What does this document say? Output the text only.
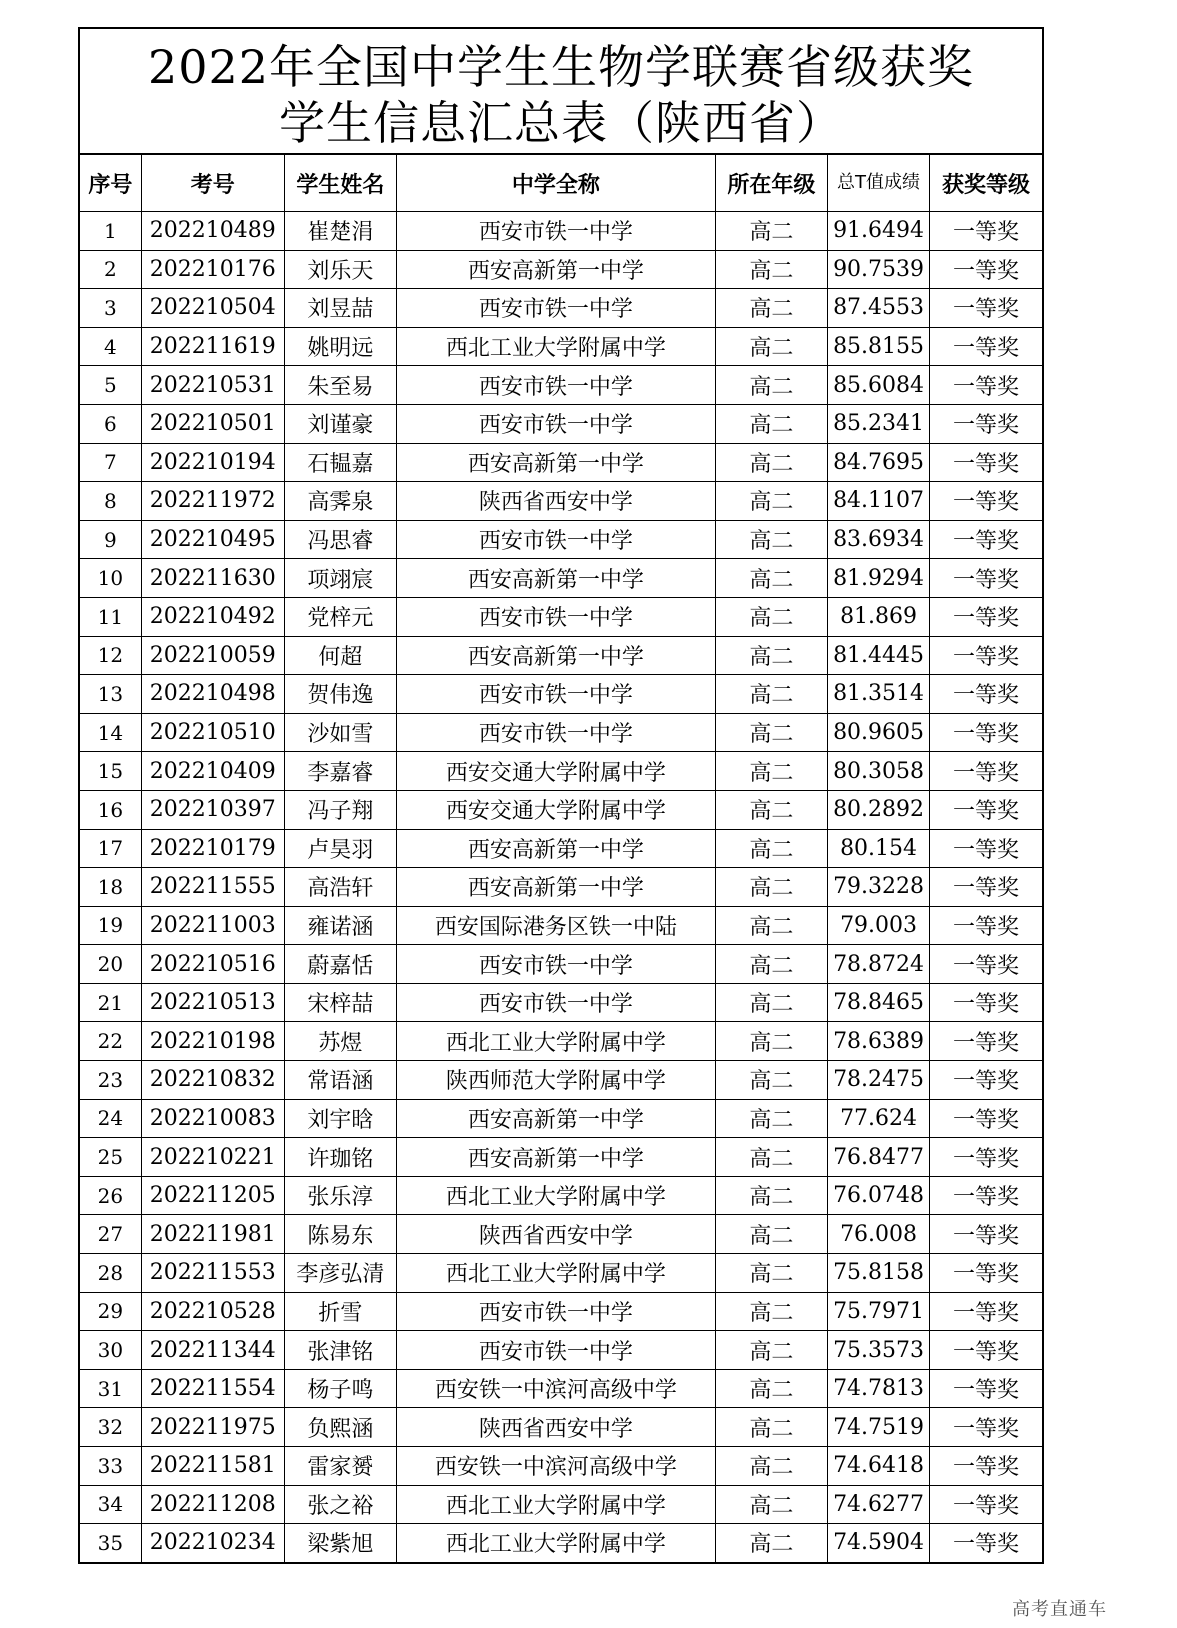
2022年全国中学生生物学联赛省级获奖
学生信息汇总表（陕西省）
序号	考号	学生姓名	中学全称	所在年级	总T值成绩	获奖等级
1	202210489	崔楚涓	西安市铁一中学	高二	91.6494	一等奖
2	202210176	刘乐天	西安高新第一中学	高二	90.7539	一等奖
3	202210504	刘昱喆	西安市铁一中学	高二	87.4553	一等奖
4	202211619	姚明远	西北工业大学附属中学	高二	85.8155	一等奖
5	202210531	朱至易	西安市铁一中学	高二	85.6084	一等奖
6	202210501	刘谨豪	西安市铁一中学	高二	85.2341	一等奖
7	202210194	石韫嘉	西安高新第一中学	高二	84.7695	一等奖
8	202211972	高霁泉	陕西省西安中学	高二	84.1107	一等奖
9	202210495	冯思睿	西安市铁一中学	高二	83.6934	一等奖
10	202211630	项翊宸	西安高新第一中学	高二	81.9294	一等奖
11	202210492	党梓元	西安市铁一中学	高二	81.869	一等奖
12	202210059	何超	西安高新第一中学	高二	81.4445	一等奖
13	202210498	贺伟逸	西安市铁一中学	高二	81.3514	一等奖
14	202210510	沙如雪	西安市铁一中学	高二	80.9605	一等奖
15	202210409	李嘉睿	西安交通大学附属中学	高二	80.3058	一等奖
16	202210397	冯子翔	西安交通大学附属中学	高二	80.2892	一等奖
17	202210179	卢昊羽	西安高新第一中学	高二	80.154	一等奖
18	202211555	高浩轩	西安高新第一中学	高二	79.3228	一等奖
19	202211003	雍诺涵	西安国际港务区铁一中陆	高二	79.003	一等奖
20	202210516	蔚嘉恬	西安市铁一中学	高二	78.8724	一等奖
21	202210513	宋梓喆	西安市铁一中学	高二	78.8465	一等奖
22	202210198	苏煜	西北工业大学附属中学	高二	78.6389	一等奖
23	202210832	常语涵	陕西师范大学附属中学	高二	78.2475	一等奖
24	202210083	刘宇晗	西安高新第一中学	高二	77.624	一等奖
25	202210221	许珈铭	西安高新第一中学	高二	76.8477	一等奖
26	202211205	张乐淳	西北工业大学附属中学	高二	76.0748	一等奖
27	202211981	陈易东	陕西省西安中学	高二	76.008	一等奖
28	202211553	李彦弘清	西北工业大学附属中学	高二	75.8158	一等奖
29	202210528	折雪	西安市铁一中学	高二	75.7971	一等奖
30	202211344	张津铭	西安市铁一中学	高二	75.3573	一等奖
31	202211554	杨子鸣	西安铁一中滨河高级中学	高二	74.7813	一等奖
32	202211975	负熙涵	陕西省西安中学	高二	74.7519	一等奖
33	202211581	雷家赟	西安铁一中滨河高级中学	高二	74.6418	一等奖
34	202211208	张之裕	西北工业大学附属中学	高二	74.6277	一等奖
35	202210234	梁紫旭	西北工业大学附属中学	高二	74.5904	一等奖
高考直通车
